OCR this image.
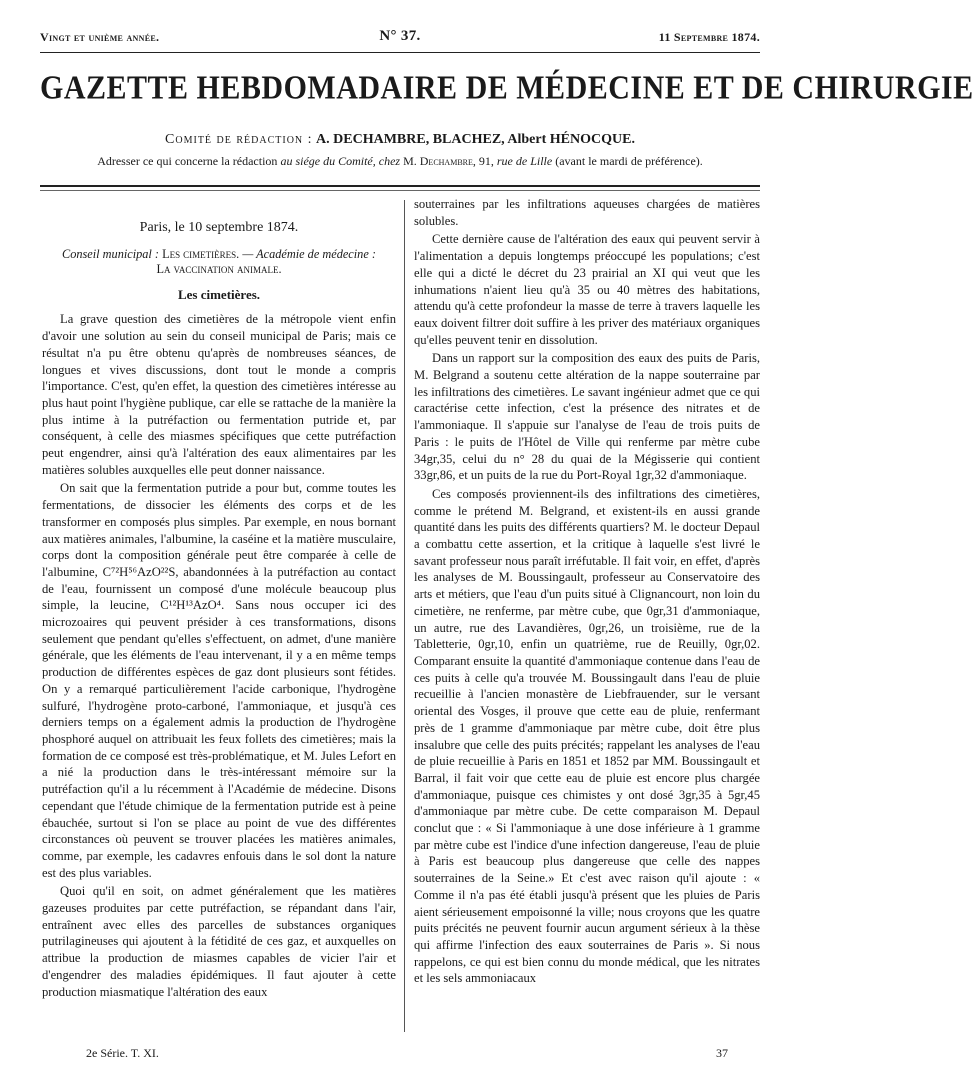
Vingt et unième année.	N° 37.	11 Septembre 1874.
GAZETTE HEBDOMADAIRE DE MÉDECINE ET DE CHIRURGIE
Comité de rédaction : A. DECHAMBRE, BLACHEZ, Albert HÉNOCQUE.
Adresser ce qui concerne la rédaction au siége du Comité, chez M. Dechambre, 91, rue de Lille (avant le mardi de préférence).
Paris, le 10 septembre 1874.
Conseil municipal : Les cimetières. — Académie de médecine :
La vaccination animale.
Les cimetières.

La grave question des cimetières de la métropole vient enfin d'avoir une solution au sein du conseil municipal de Paris; mais ce résultat n'a pu être obtenu qu'après de nombreuses séances, de longues et vives discussions, dont tout le monde a compris l'importance. C'est, qu'en effet, la question des cimetières intéresse au plus haut point l'hygiène publique, car elle se rattache de la manière la plus intime à la putréfaction ou fermentation putride et, par conséquent, à celle des miasmes spécifiques que cette putréfaction peut engendrer, ainsi qu'à l'altération des eaux alimentaires par les matières solubles auxquelles elle peut donner naissance.

On sait que la fermentation putride a pour but, comme toutes les fermentations, de dissocier les éléments des corps et de les transformer en composés plus simples. Par exemple, en nous bornant aux matières animales, l'albumine, la caséine et la matière musculaire, corps dont la composition générale peut être comparée à celle de l'albumine, C⁷²H⁵⁶AzO²²S, abandonnées à la putréfaction au contact de l'eau, fournissent un composé d'une molécule beaucoup plus simple, la leucine, C¹²H¹³AzO⁴. Sans nous occuper ici des microzoaires qui peuvent présider à ces transformations, disons seulement que pendant qu'elles s'effectuent, on admet, d'une manière générale, que les éléments de l'eau intervenant, il y a en même temps production de différentes espèces de gaz dont plusieurs sont fétides. On y a remarqué particulièrement l'acide carbonique, l'hydrogène sulfuré, l'hydrogène proto-carboné, l'ammoniaque, et jusqu'à ces derniers temps on a également admis la production de l'hydrogène phosphoré auquel on attribuait les feux follets des cimetières; mais la formation de ce composé est très-problématique, et M. Jules Lefort en a nié la production dans le très-intéressant mémoire sur la putréfaction qu'il a lu récemment à l'Académie de médecine. Disons cependant que l'étude chimique de la fermentation putride est à peine ébauchée, surtout si l'on se place au point de vue des différentes circonstances où peuvent se trouver placées les matières animales, comme, par exemple, les cadavres enfouis dans le sol dont la nature est des plus variables.

Quoi qu'il en soit, on admet généralement que les matières gazeuses produites par cette putréfaction, se répandant dans l'air, entraînent avec elles des parcelles de substances organiques putrilagineuses qui ajoutent à la fétidité de ces gaz, et auxquelles on attribue la production de miasmes capables de vicier l'air et d'engendrer des maladies épidémiques. Il faut ajouter à cette production miasmatique l'altération des eaux

souterraines par les infiltrations aqueuses chargées de matières solubles.

Cette dernière cause de l'altération des eaux qui peuvent servir à l'alimentation a depuis longtemps préoccupé les populations; c'est elle qui a dicté le décret du 23 prairial an XI qui veut que les inhumations n'aient lieu qu'à 35 ou 40 mètres des habitations, attendu qu'à cette profondeur la masse de terre à travers laquelle les eaux doivent filtrer doit suffire à les priver des matériaux organiques qu'elles peuvent tenir en dissolution.

Dans un rapport sur la composition des eaux des puits de Paris, M. Belgrand a soutenu cette altération de la nappe souterraine par les infiltrations des cimetières. Le savant ingénieur admet que ce qui caractérise cette infection, c'est la présence des nitrates et de l'ammoniaque. Il s'appuie sur l'analyse de l'eau de trois puits de Paris : le puits de l'Hôtel de Ville qui renferme par mètre cube 34gr,35, celui du n° 28 du quai de la Mégisserie qui contient 33gr,86, et un puits de la rue du Port-Royal 1gr,32 d'ammoniaque.

Ces composés proviennent-ils des infiltrations des cimetières, comme le prétend M. Belgrand, et existent-ils en aussi grande quantité dans les puits des différents quartiers? M. le docteur Depaul a combattu cette assertion, et la critique à laquelle s'est livré le savant professeur nous paraît irréfutable. Il fait voir, en effet, d'après les analyses de M. Boussingault, professeur au Conservatoire des arts et métiers, que l'eau d'un puits situé à Clignancourt, non loin du cimetière, ne renferme, par mètre cube, que 0gr,31 d'ammoniaque, un autre, rue des Lavandières, 0gr,26, un troisième, rue de la Tabletterie, 0gr,10, enfin un quatrième, rue de Reuilly, 0gr,02. Comparant ensuite la quantité d'ammoniaque contenue dans l'eau de ces puits à celle qu'a trouvée M. Boussingault dans l'eau de pluie recueillie à l'ancien monastère de Liebfrauender, sur le versant oriental des Vosges, il prouve que cette eau de pluie, renfermant près de 1 gramme d'ammoniaque par mètre cube, doit être plus insalubre que celle des puits précités; rappelant les analyses de l'eau de pluie recueillie à Paris en 1851 et 1852 par MM. Boussingault et Barral, il fait voir que cette eau de pluie est encore plus chargée d'ammoniaque, puisque ces chimistes y ont dosé 3gr,35 à 5gr,45 d'ammoniaque par mètre cube. De cette comparaison M. Depaul conclut que : « Si l'ammoniaque à une dose inférieure à 1 gramme par mètre cube est l'indice d'une infection dangereuse, l'eau de pluie à Paris est beaucoup plus dangereuse que celle des nappes souterraines de la Seine.» Et c'est avec raison qu'il ajoute : « Comme il n'a pas été établi jusqu'à présent que les pluies de Paris aient sérieusement empoisonné la ville; nous croyons que les quatre puits précités ne peuvent fournir aucun argument sérieux à la thèse qui affirme l'infection des eaux souterraines de Paris ». Si nous rappelons, ce qui est bien connu du monde médical, que les nitrates et les sels ammoniacaux

2e Série. T. XI.	37
